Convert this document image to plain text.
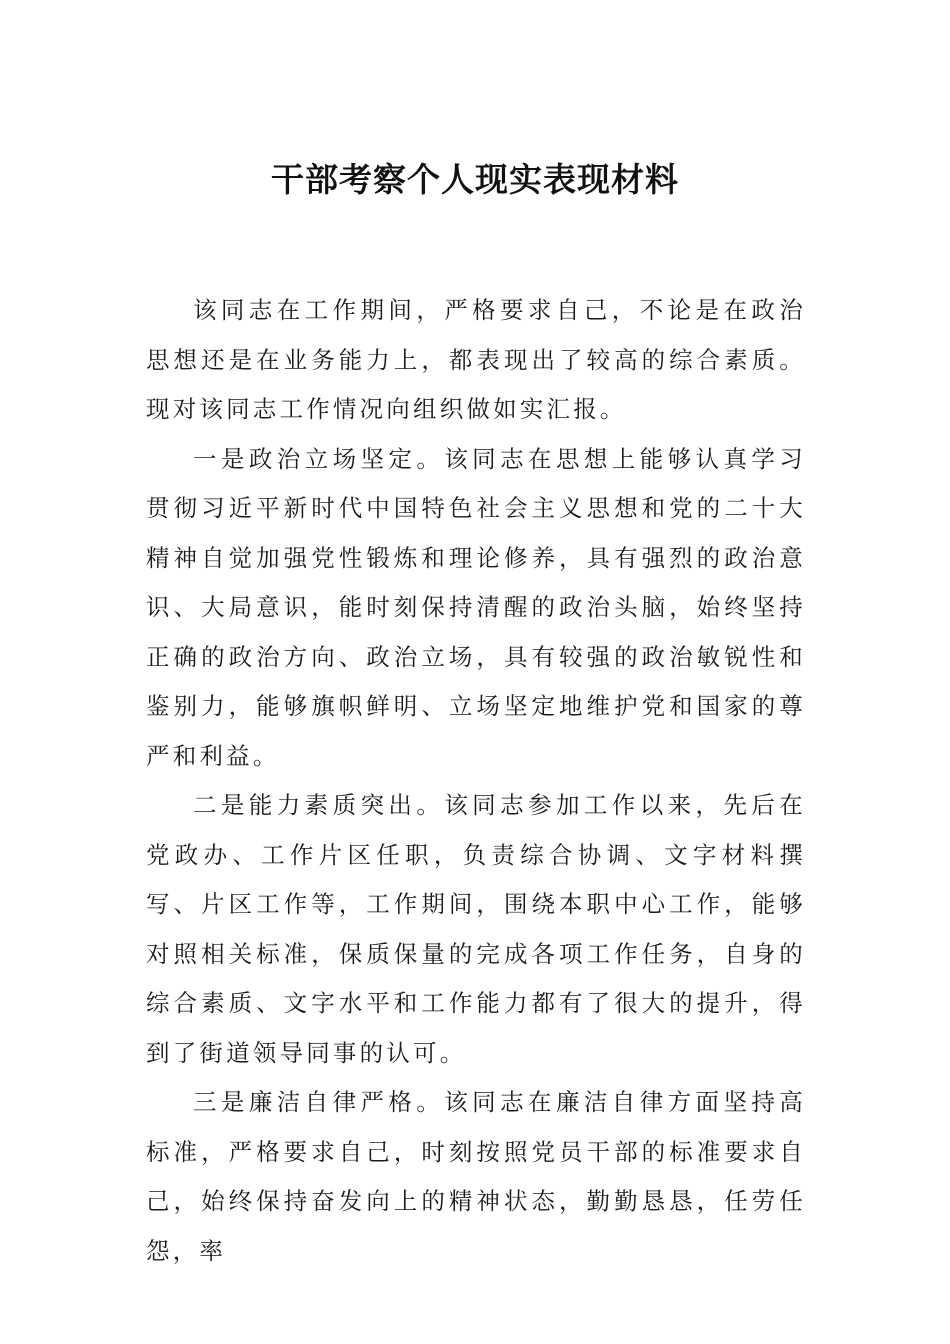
干部考察个人现实表现材料

该同志在工作期间，严格要求自己，不论是在政治思想还是在业务能力上，都表现出了较高的综合素质。现对该同志工作情况向组织做如实汇报。

一是政治立场坚定。该同志在思想上能够认真学习贯彻习近平新时代中国特色社会主义思想和党的二十大精神自觉加强党性锻炼和理论修养，具有强烈的政治意识、大局意识，能时刻保持清醒的政治头脑，始终坚持正确的政治方向、政治立场，具有较强的政治敏锐性和鉴别力，能够旗帜鲜明、立场坚定地维护党和国家的尊严和利益。

二是能力素质突出。该同志参加工作以来，先后在党政办、工作片区任职，负责综合协调、文字材料撰写、片区工作等，工作期间，围绕本职中心工作，能够对照相关标准，保质保量的完成各项工作任务，自身的综合素质、文字水平和工作能力都有了很大的提升，得到了街道领导同事的认可。

三是廉洁自律严格。该同志在廉洁自律方面坚持高标准，严格要求自己，时刻按照党员干部的标准要求自己，始终保持奋发向上的精神状态，勤勤恳恳，任劳任怨，率
